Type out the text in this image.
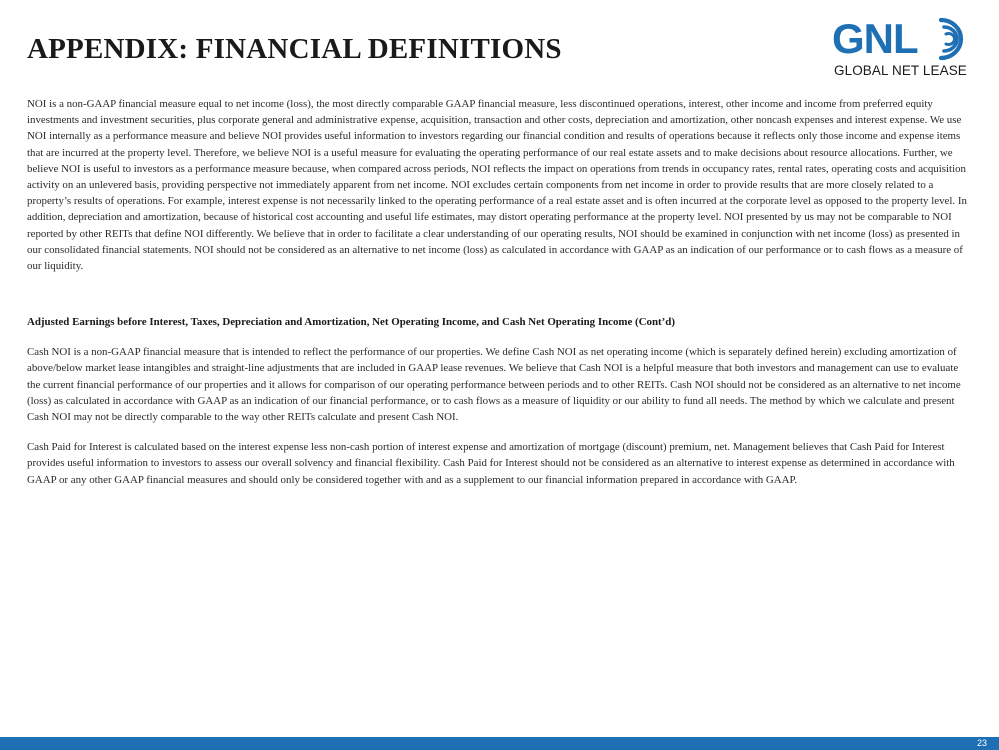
APPENDIX: FINANCIAL DEFINITIONS	GNL
GLOBAL NET LEASE

NOI is a non-GAAP financial measure equal to net income (loss), the most directly comparable GAAP financial measure, less discontinued operations, interest, other income and income from preferred equity investments and investment securities, plus corporate general and administrative expense, acquisition, transaction and other costs, depreciation and amortization, other noncash expenses and interest expense. We use NOI internally as a performance measure and believe NOI provides useful information to investors regarding our financial condition and results of operations because it reflects only those income and expense items that are incurred at the property level. Therefore, we believe NOI is a useful measure for evaluating the operating performance of our real estate assets and to make decisions about resource allocations. Further, we believe NOI is useful to investors as a performance measure because, when compared across periods, NOI reflects the impact on operations from trends in occupancy rates, rental rates, operating costs and acquisition activity on an unlevered basis, providing perspective not immediately apparent from net income. NOI excludes certain components from net income in order to provide results that are more closely related to a property’s results of operations. For example, interest expense is not necessarily linked to the operating performance of a real estate asset and is often incurred at the corporate level as opposed to the property level. In addition, depreciation and amortization, because of historical cost accounting and useful life estimates, may distort operating performance at the property level. NOI presented by us may not be comparable to NOI reported by other REITs that define NOI differently. We believe that in order to facilitate a clear understanding of our operating results, NOI should be examined in conjunction with net income (loss) as presented in our consolidated financial statements. NOI should not be considered as an alternative to net income (loss) as calculated in accordance with GAAP as an indication of our performance or to cash flows as a measure of our liquidity.

Adjusted Earnings before Interest, Taxes, Depreciation and Amortization, Net Operating Income, and Cash Net Operating Income (Cont’d)

Cash NOI is a non-GAAP financial measure that is intended to reflect the performance of our properties. We define Cash NOI as net operating income (which is separately defined herein) excluding amortization of above/below market lease intangibles and straight-line adjustments that are included in GAAP lease revenues. We believe that Cash NOI is a helpful measure that both investors and management can use to evaluate the current financial performance of our properties and it allows for comparison of our operating performance between periods and to other REITs. Cash NOI should not be considered as an alternative to net income (loss) as calculated in accordance with GAAP as an indication of our financial performance, or to cash flows as a measure of liquidity or our ability to fund all needs. The method by which we calculate and present Cash NOI may not be directly comparable to the way other REITs calculate and present Cash NOI.

Cash Paid for Interest is calculated based on the interest expense less non-cash portion of interest expense and amortization of mortgage (discount) premium, net. Management believes that Cash Paid for Interest provides useful information to investors to assess our overall solvency and financial flexibility. Cash Paid for Interest should not be considered as an alternative to interest expense as determined in accordance with GAAP or any other GAAP financial measures and should only be considered together with and as a supplement to our financial information prepared in accordance with GAAP.

23
